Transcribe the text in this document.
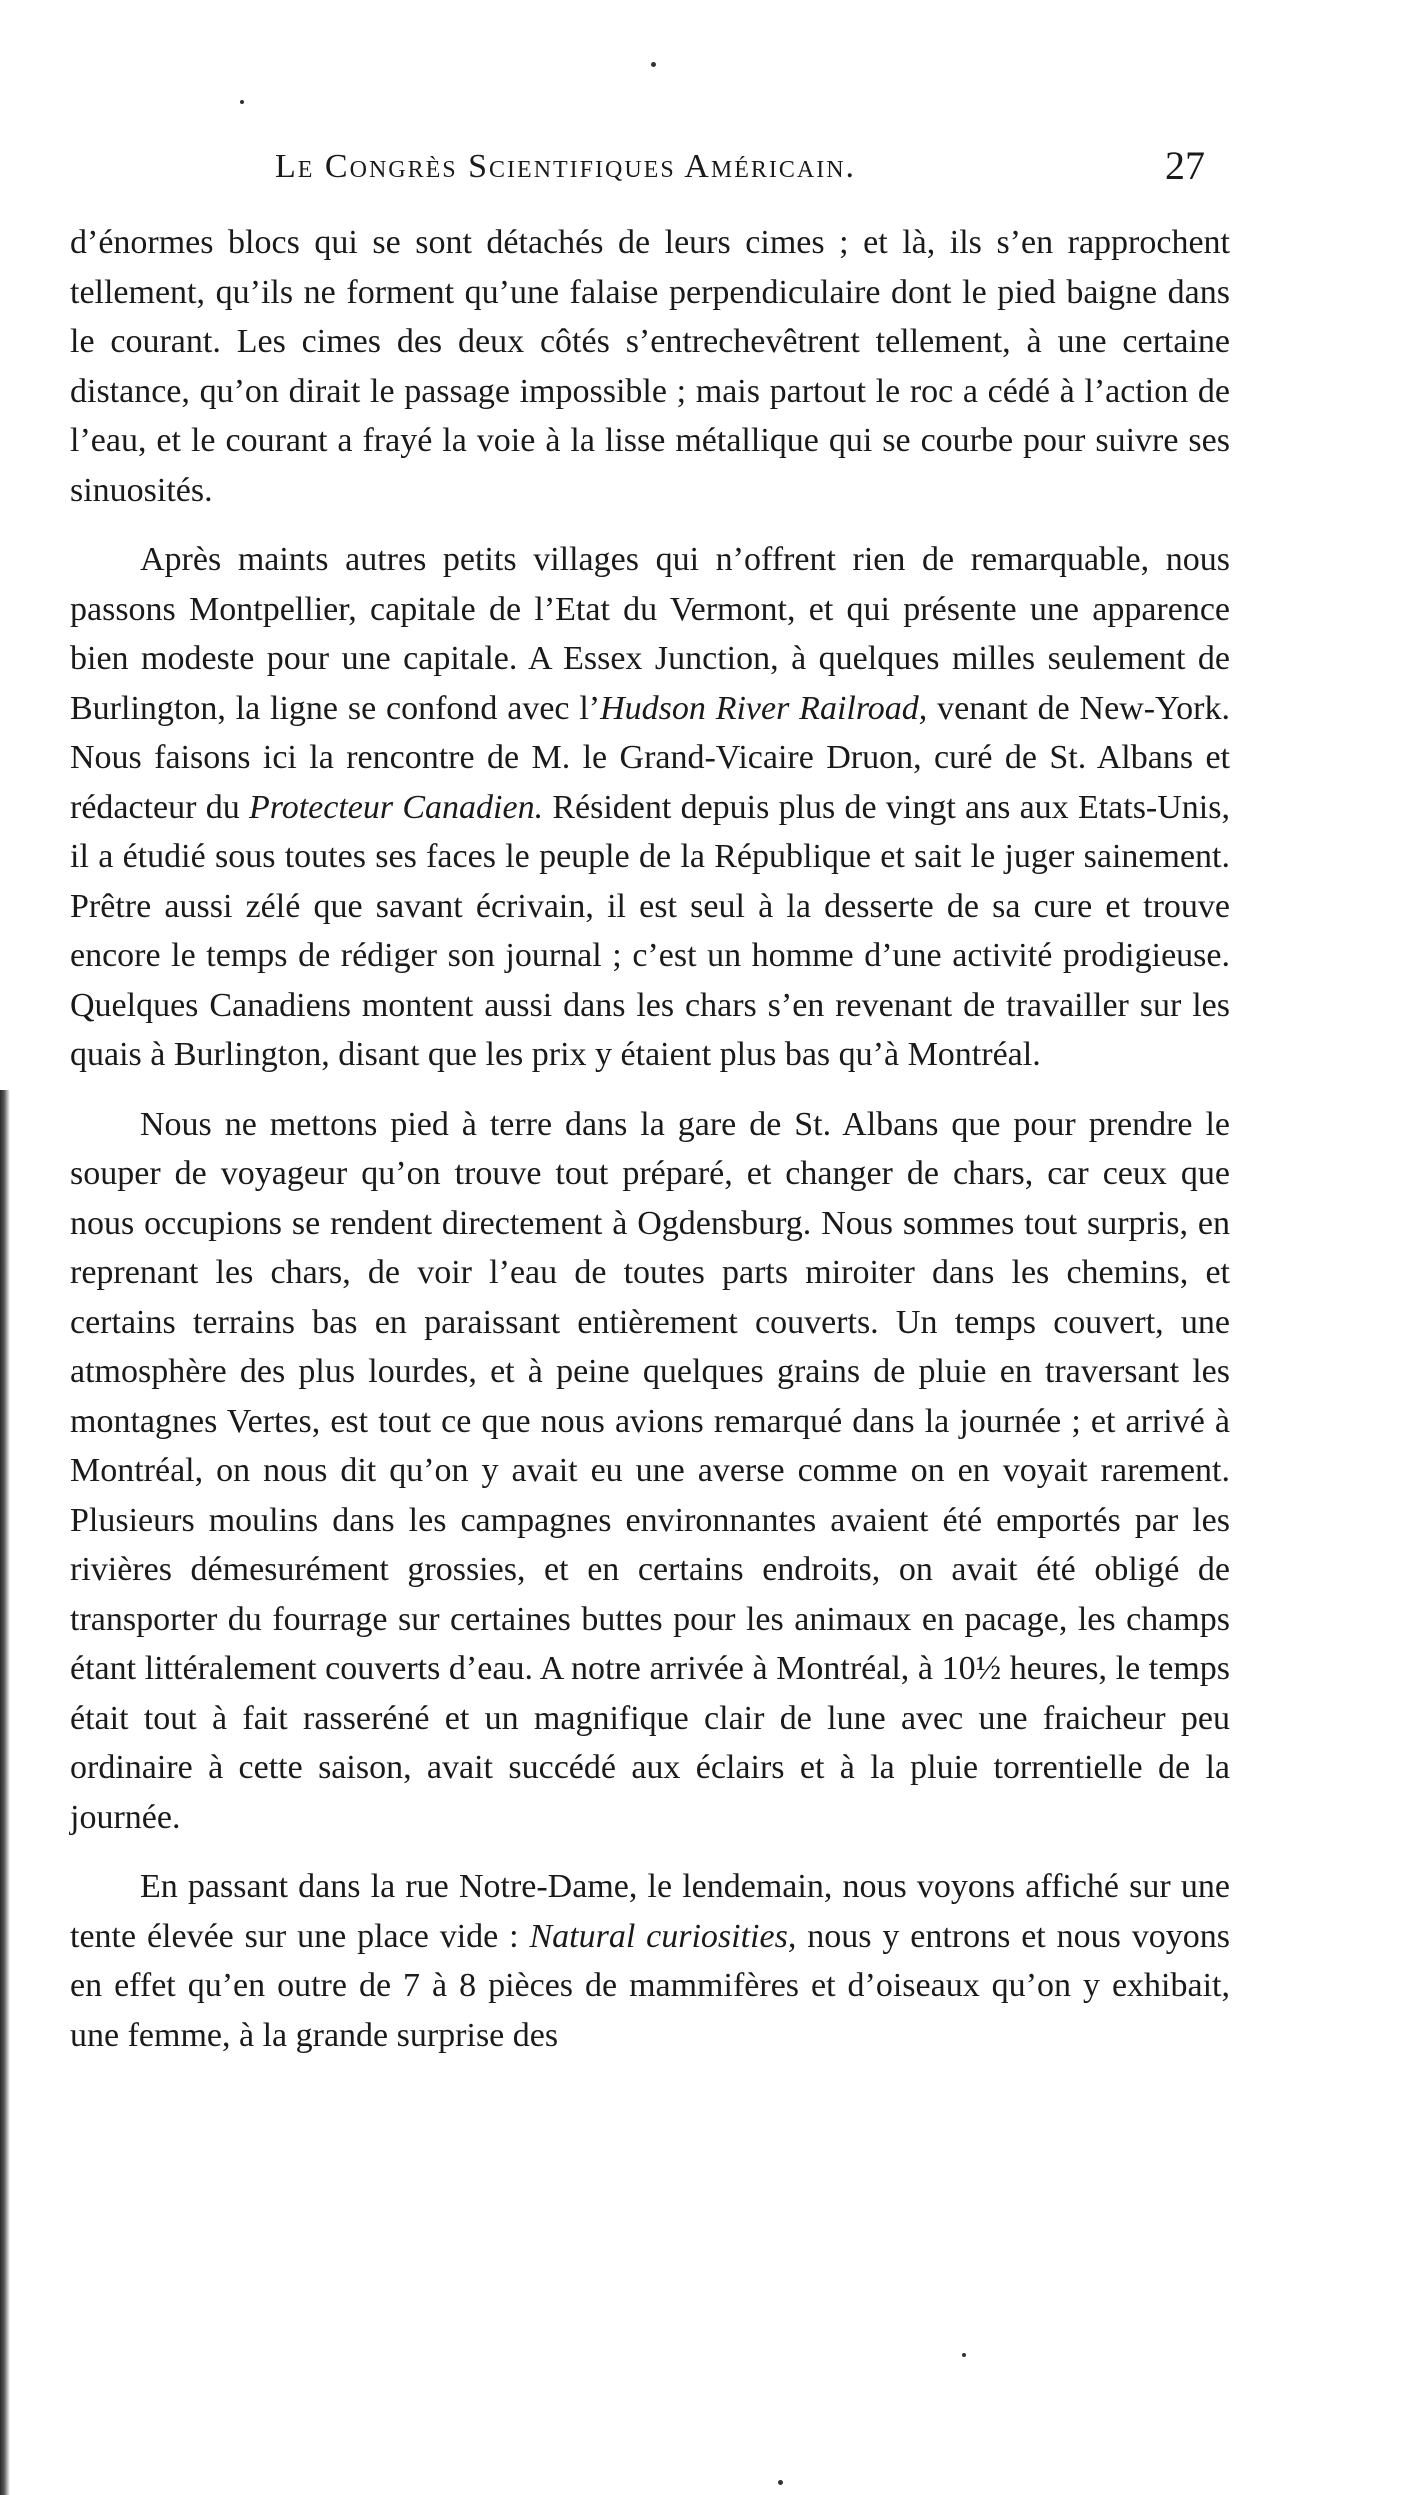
Le Congrès Scientifiques Américain.	27

d’énormes blocs qui se sont détachés de leurs cimes ; et là, ils s’en rapprochent tellement, qu’ils ne forment qu’une falaise perpendiculaire dont le pied baigne dans le courant. Les cimes des deux côtés s’entrechevêtrent tellement, à une certaine distance, qu’on dirait le passage impossible ; mais partout le roc a cédé à l’action de l’eau, et le courant a frayé la voie à la lisse métallique qui se courbe pour suivre ses sinuosités.

Après maints autres petits villages qui n’offrent rien de remarquable, nous passons Montpellier, capitale de l’Etat du Vermont, et qui présente une apparence bien modeste pour une capitale. A Essex Junction, à quelques milles seulement de Burlington, la ligne se confond avec l’Hudson River Railroad, venant de New-York. Nous faisons ici la rencontre de M. le Grand-Vicaire Druon, curé de St. Albans et rédacteur du Protecteur Canadien. Résident depuis plus de vingt ans aux Etats-Unis, il a étudié sous toutes ses faces le peuple de la République et sait le juger sainement. Prêtre aussi zélé que savant écrivain, il est seul à la desserte de sa cure et trouve encore le temps de rédiger son journal ; c’est un homme d’une activité prodigieuse. Quelques Canadiens montent aussi dans les chars s’en revenant de travailler sur les quais à Burlington, disant que les prix y étaient plus bas qu’à Montréal.

Nous ne mettons pied à terre dans la gare de St. Albans que pour prendre le souper de voyageur qu’on trouve tout préparé, et changer de chars, car ceux que nous occupions se rendent directement à Ogdensburg. Nous sommes tout surpris, en reprenant les chars, de voir l’eau de toutes parts miroiter dans les chemins, et certains terrains bas en paraissant entièrement couverts. Un temps couvert, une atmosphère des plus lourdes, et à peine quelques grains de pluie en traversant les montagnes Vertes, est tout ce que nous avions remarqué dans la journée ; et arrivé à Montréal, on nous dit qu’on y avait eu une averse comme on en voyait rarement. Plusieurs moulins dans les campagnes environnantes avaient été emportés par les rivières démesurément grossies, et en certains endroits, on avait été obligé de transporter du fourrage sur certaines buttes pour les animaux en pacage, les champs étant littéralement couverts d’eau. A notre arrivée à Montréal, à 10½ heures, le temps était tout à fait rasseréné et un magnifique clair de lune avec une fraicheur peu ordinaire à cette saison, avait succédé aux éclairs et à la pluie torrentielle de la journée.

En passant dans la rue Notre-Dame, le lendemain, nous voyons affiché sur une tente élevée sur une place vide : Natural curiosities, nous y entrons et nous voyons en effet qu’en outre de 7 à 8 pièces de mammifères et d’oiseaux qu’on y exhibait, une femme, à la grande surprise des
